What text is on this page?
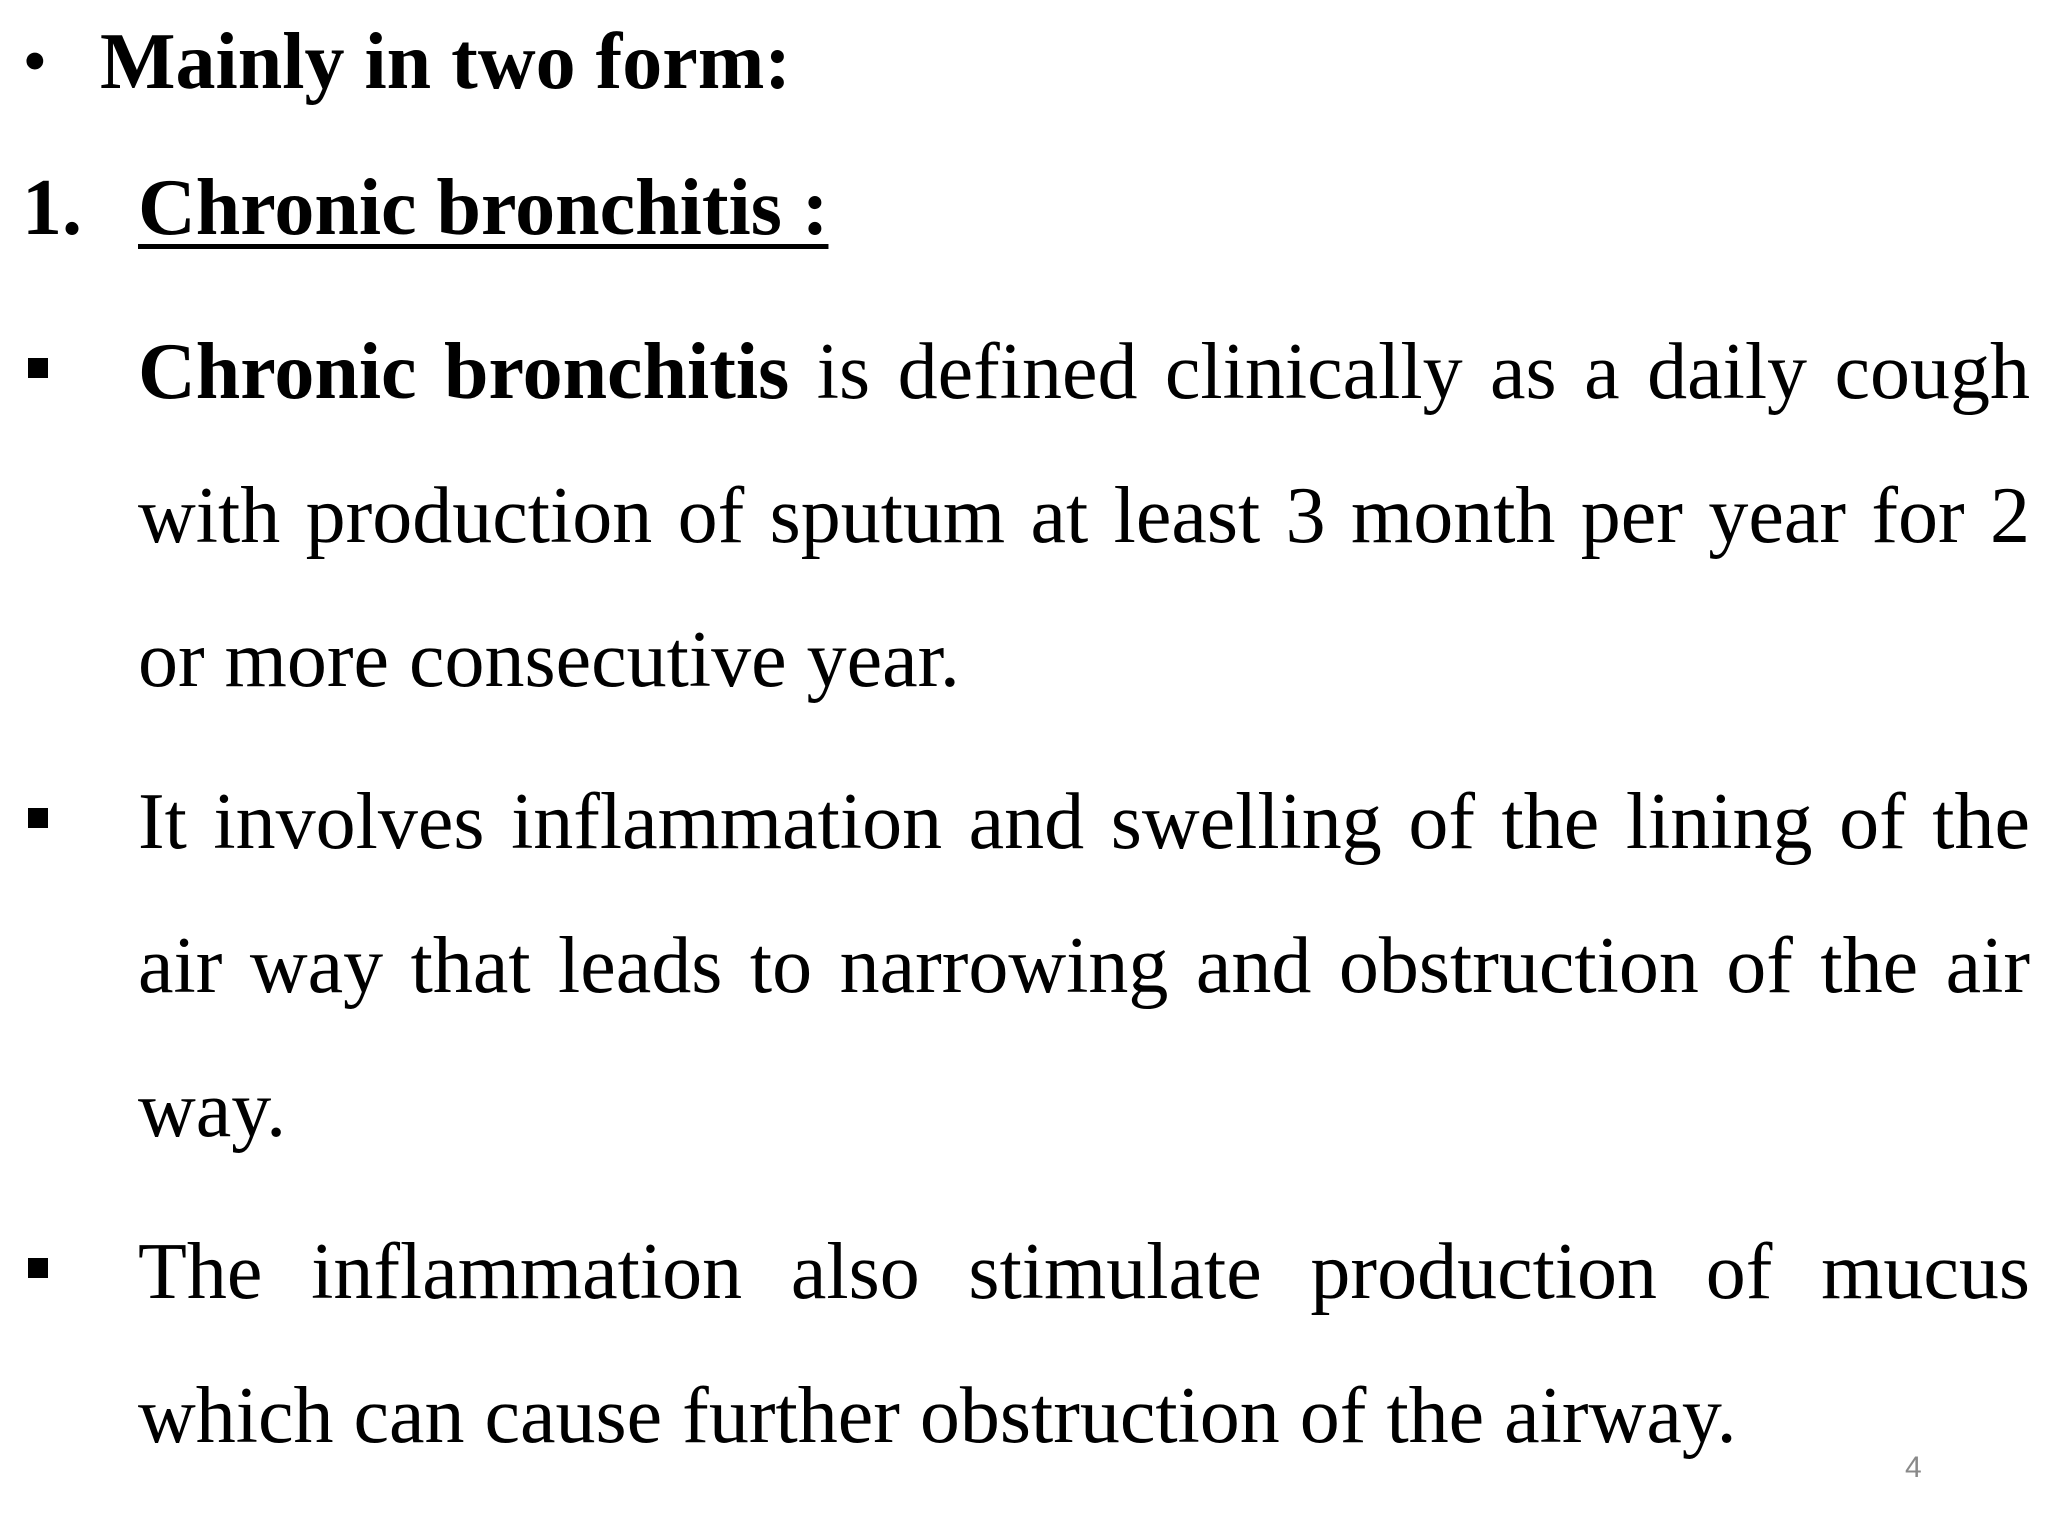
• Mainly in two form:
1. Chronic bronchitis :
Chronic bronchitis is defined clinically as a daily cough with production of sputum at least 3 month per year for 2 or more consecutive year.
It involves inflammation and swelling of the lining of the air way that leads to narrowing and obstruction of the air way.
The inflammation also stimulate production of mucus which can cause further obstruction of the airway.
4
